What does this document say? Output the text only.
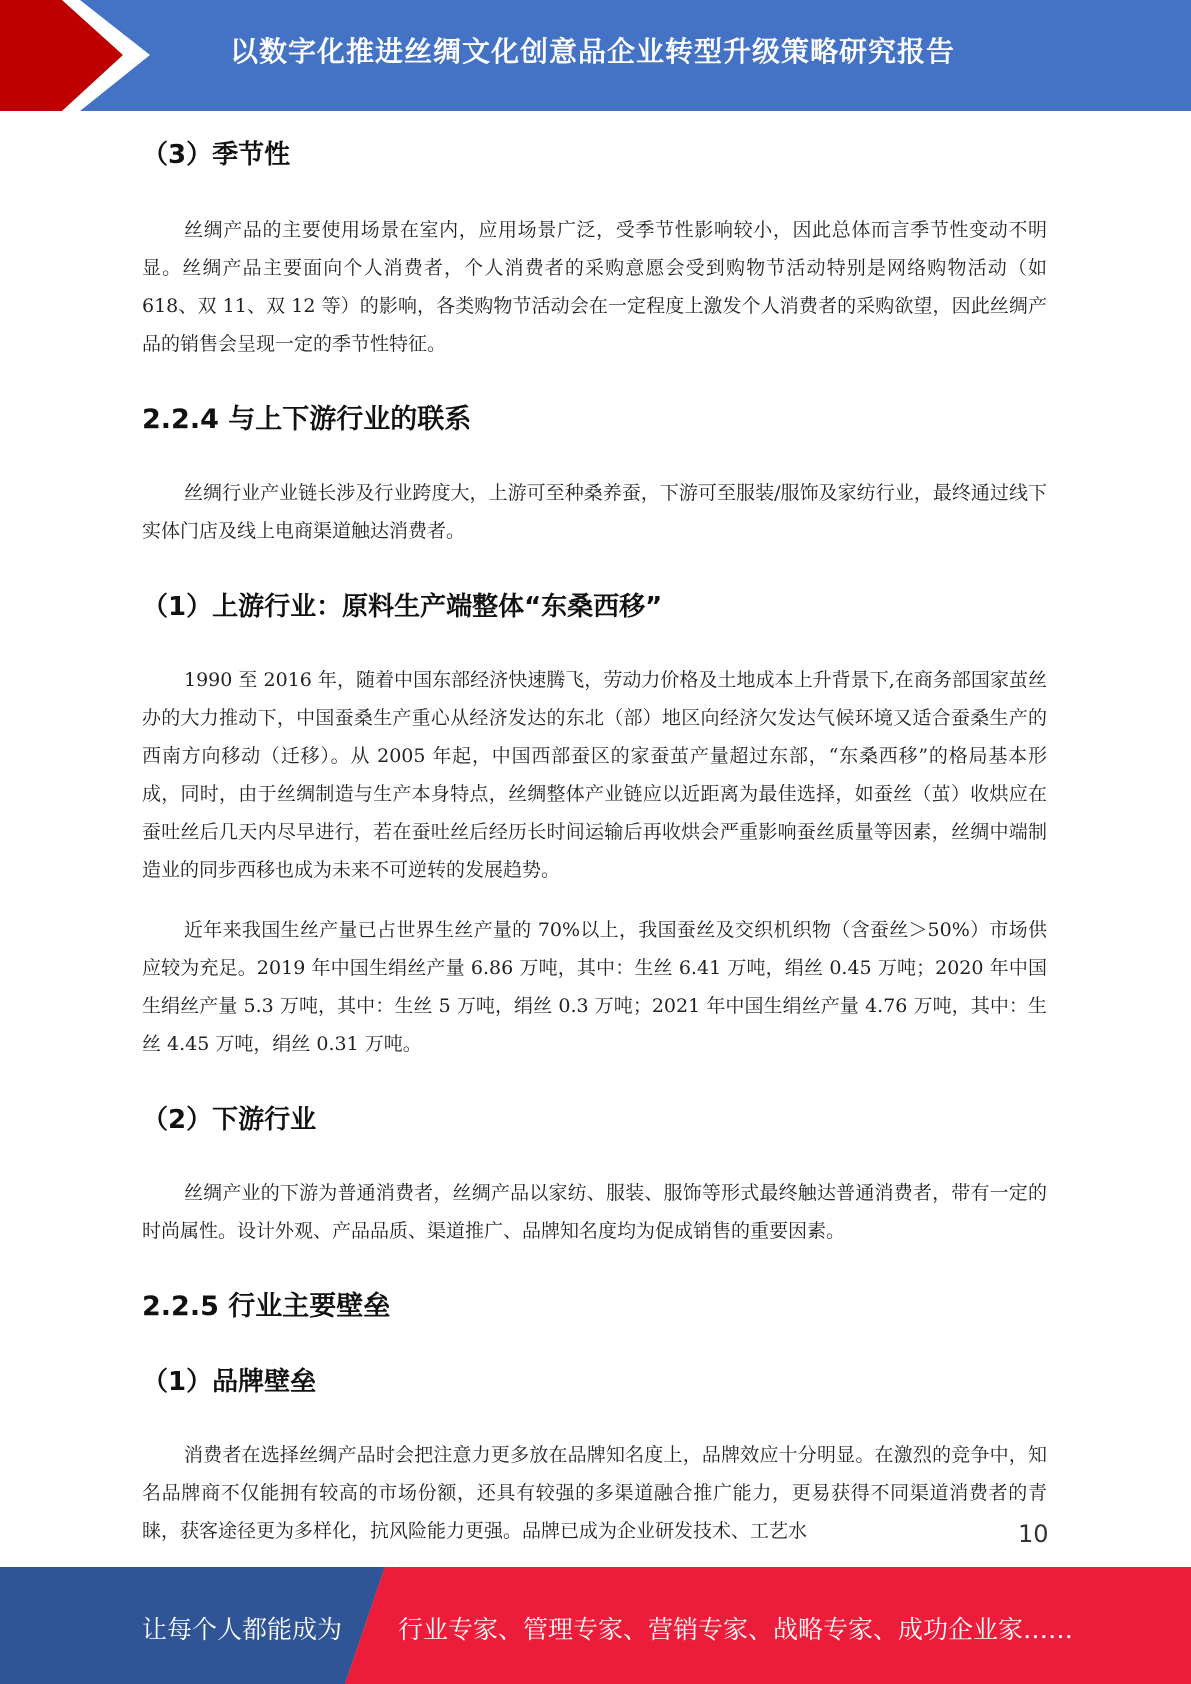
以数字化推进丝绸文化创意品企业转型升级策略研究报告
（3）季节性

丝绸产品的主要使用场景在室内，应用场景广泛，受季节性影响较小，因此总体而言季节性变动不明显。丝绸产品主要面向个人消费者，个人消费者的采购意愿会受到购物节活动特别是网络购物活动（如 618、双 11、双 12 等）的影响，各类购物节活动会在一定程度上激发个人消费者的采购欲望，因此丝绸产品的销售会呈现一定的季节性特征。

2.2.4 与上下游行业的联系

丝绸行业产业链长涉及行业跨度大，上游可至种桑养蚕，下游可至服装/服饰及家纺行业，最终通过线下实体门店及线上电商渠道触达消费者。

（1）上游行业：原料生产端整体“东桑西移”

1990 至 2016 年，随着中国东部经济快速腾飞，劳动力价格及土地成本上升背景下,在商务部国家茧丝办的大力推动下，中国蚕桑生产重心从经济发达的东北（部）地区向经济欠发达气候环境又适合蚕桑生产的西南方向移动（迁移）。从 2005 年起，中国西部蚕区的家蚕茧产量超过东部，“东桑西移”的格局基本形成，同时，由于丝绸制造与生产本身特点，丝绸整体产业链应以近距离为最佳选择，如蚕丝（茧）收烘应在蚕吐丝后几天内尽早进行，若在蚕吐丝后经历长时间运输后再收烘会严重影响蚕丝质量等因素，丝绸中端制造业的同步西移也成为未来不可逆转的发展趋势。

近年来我国生丝产量已占世界生丝产量的 70%以上，我国蚕丝及交织机织物（含蚕丝＞50%）市场供应较为充足。2019 年中国生绢丝产量 6.86 万吨，其中：生丝 6.41 万吨，绢丝 0.45 万吨；2020 年中国生绢丝产量 5.3 万吨，其中：生丝 5 万吨，绢丝 0.3 万吨；2021 年中国生绢丝产量 4.76 万吨，其中：生丝 4.45 万吨，绢丝 0.31 万吨。

（2）下游行业

丝绸产业的下游为普通消费者，丝绸产品以家纺、服装、服饰等形式最终触达普通消费者，带有一定的时尚属性。设计外观、产品品质、渠道推广、品牌知名度均为促成销售的重要因素。

2.2.5 行业主要壁垒
（1）品牌壁垒

消费者在选择丝绸产品时会把注意力更多放在品牌知名度上，品牌效应十分明显。在激烈的竞争中，知名品牌商不仅能拥有较高的市场份额，还具有较强的多渠道融合推广能力，更易获得不同渠道消费者的青睐，获客途径更为多样化，抗风险能力更强。品牌已成为企业研发技术、工艺水	10
让每个人都能成为 行业专家、管理专家、营销专家、战略专家、成功企业家……
